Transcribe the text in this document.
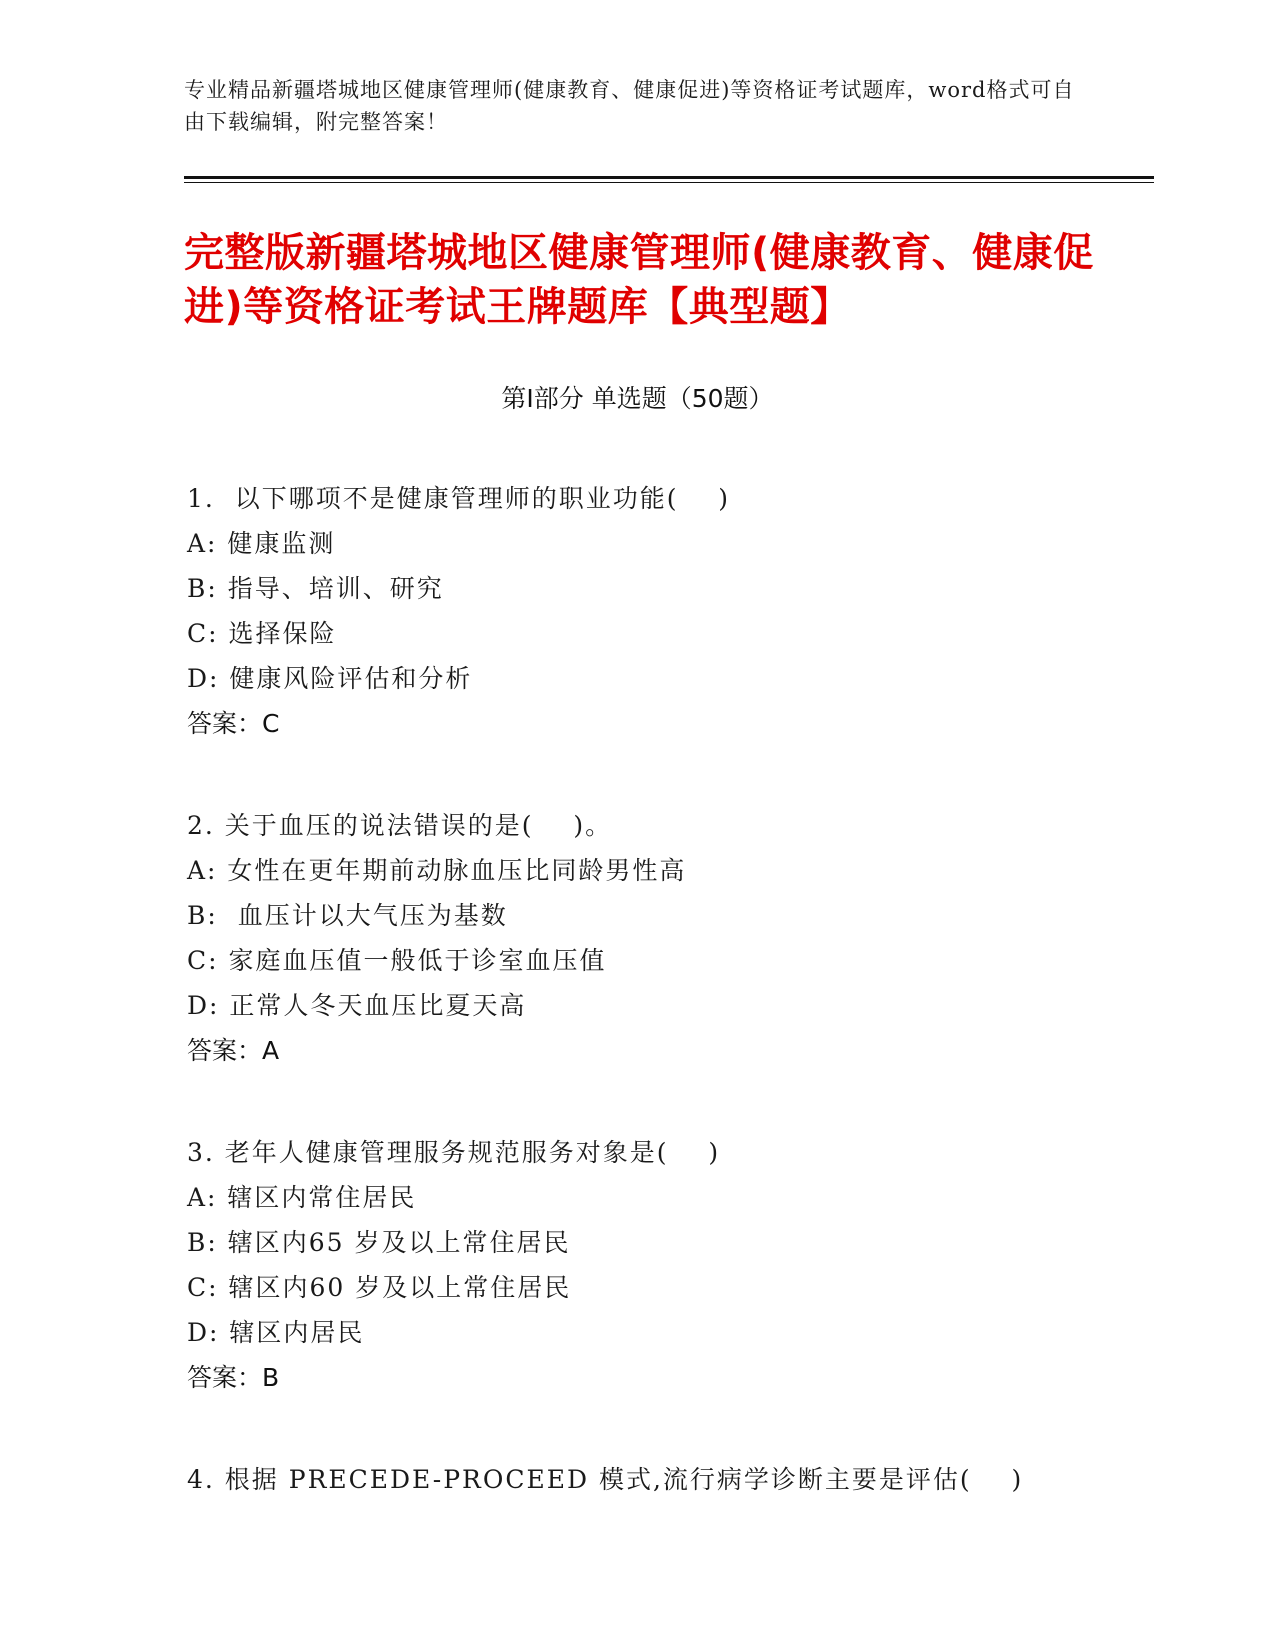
专业精品新疆塔城地区健康管理师(健康教育、健康促进)等资格证考试题库，word格式可自由下载编辑，附完整答案！
完整版新疆塔城地区健康管理师(健康教育、健康促进)等资格证考试王牌题库【典型题】
第Ⅰ部分 单选题（50题）
1.  以下哪项不是健康管理师的职业功能(    )
A: 健康监测
B: 指导、培训、研究
C: 选择保险
D: 健康风险评估和分析
答案：C
2. 关于血压的说法错误的是(    )。
A: 女性在更年期前动脉血压比同龄男性高
B:  血压计以大气压为基数
C: 家庭血压值一般低于诊室血压值
D: 正常人冬天血压比夏天高
答案：A
3. 老年人健康管理服务规范服务对象是(    )
A: 辖区内常住居民
B: 辖区内65 岁及以上常住居民
C: 辖区内60 岁及以上常住居民
D: 辖区内居民
答案：B
4. 根据 PRECEDE-PROCEED 模式,流行病学诊断主要是评估(    )
